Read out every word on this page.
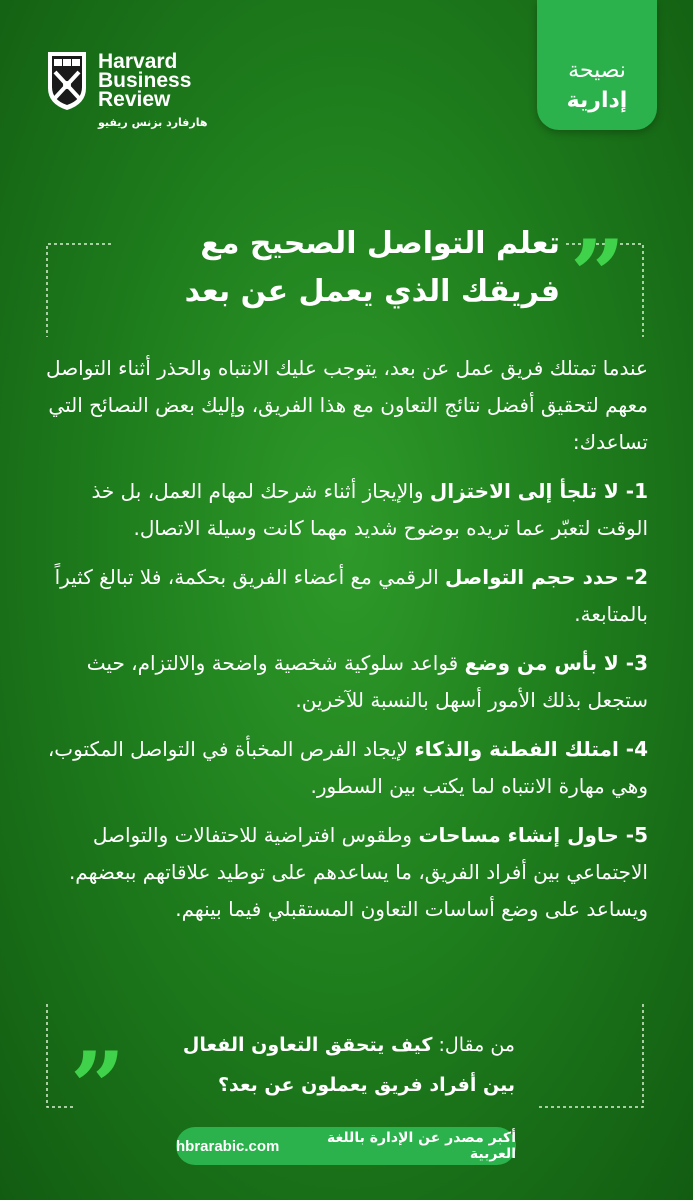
Harvard
Business
Review
هارفارد بزنس ريفيو
نصيحة
إدارية
”
تعلم التواصل الصحيح مع
فريقك الذي يعمل عن بعد

عندما تمتلك فريق عمل عن بعد، يتوجب عليك الانتباه والحذر أثناء التواصل معهم لتحقيق أفضل نتائج التعاون مع هذا الفريق، وإليك بعض النصائح التي تساعدك:

1- لا تلجأ إلى الاختزال والإيجاز أثناء شرحك لمهام العمل، بل خذ الوقت لتعبّر عما تريده بوضوح شديد مهما كانت وسيلة الاتصال.

2- حدد حجم التواصل الرقمي مع أعضاء الفريق بحكمة، فلا تبالغ كثيراً بالمتابعة.

3- لا بأس من وضع قواعد سلوكية شخصية واضحة والالتزام، حيث ستجعل بذلك الأمور أسهل بالنسبة للآخرين.

4- امتلك الفطنة والذكاء لإيجاد الفرص المخبأة في التواصل المكتوب، وهي مهارة الانتباه لما يكتب بين السطور.

5- حاول إنشاء مساحات وطقوس افتراضية للاحتفالات والتواصل الاجتماعي بين أفراد الفريق، ما يساعدهم على توطيد علاقاتهم ببعضهم. ويساعد على وضع أساسات التعاون المستقبلي فيما بينهم.

”	من مقال: كيف يتحقق التعاون الفعال
بين أفراد فريق يعملون عن بعد؟
أكبر مصدر عن الإدارة باللغة العربية
hbrarabic.com
